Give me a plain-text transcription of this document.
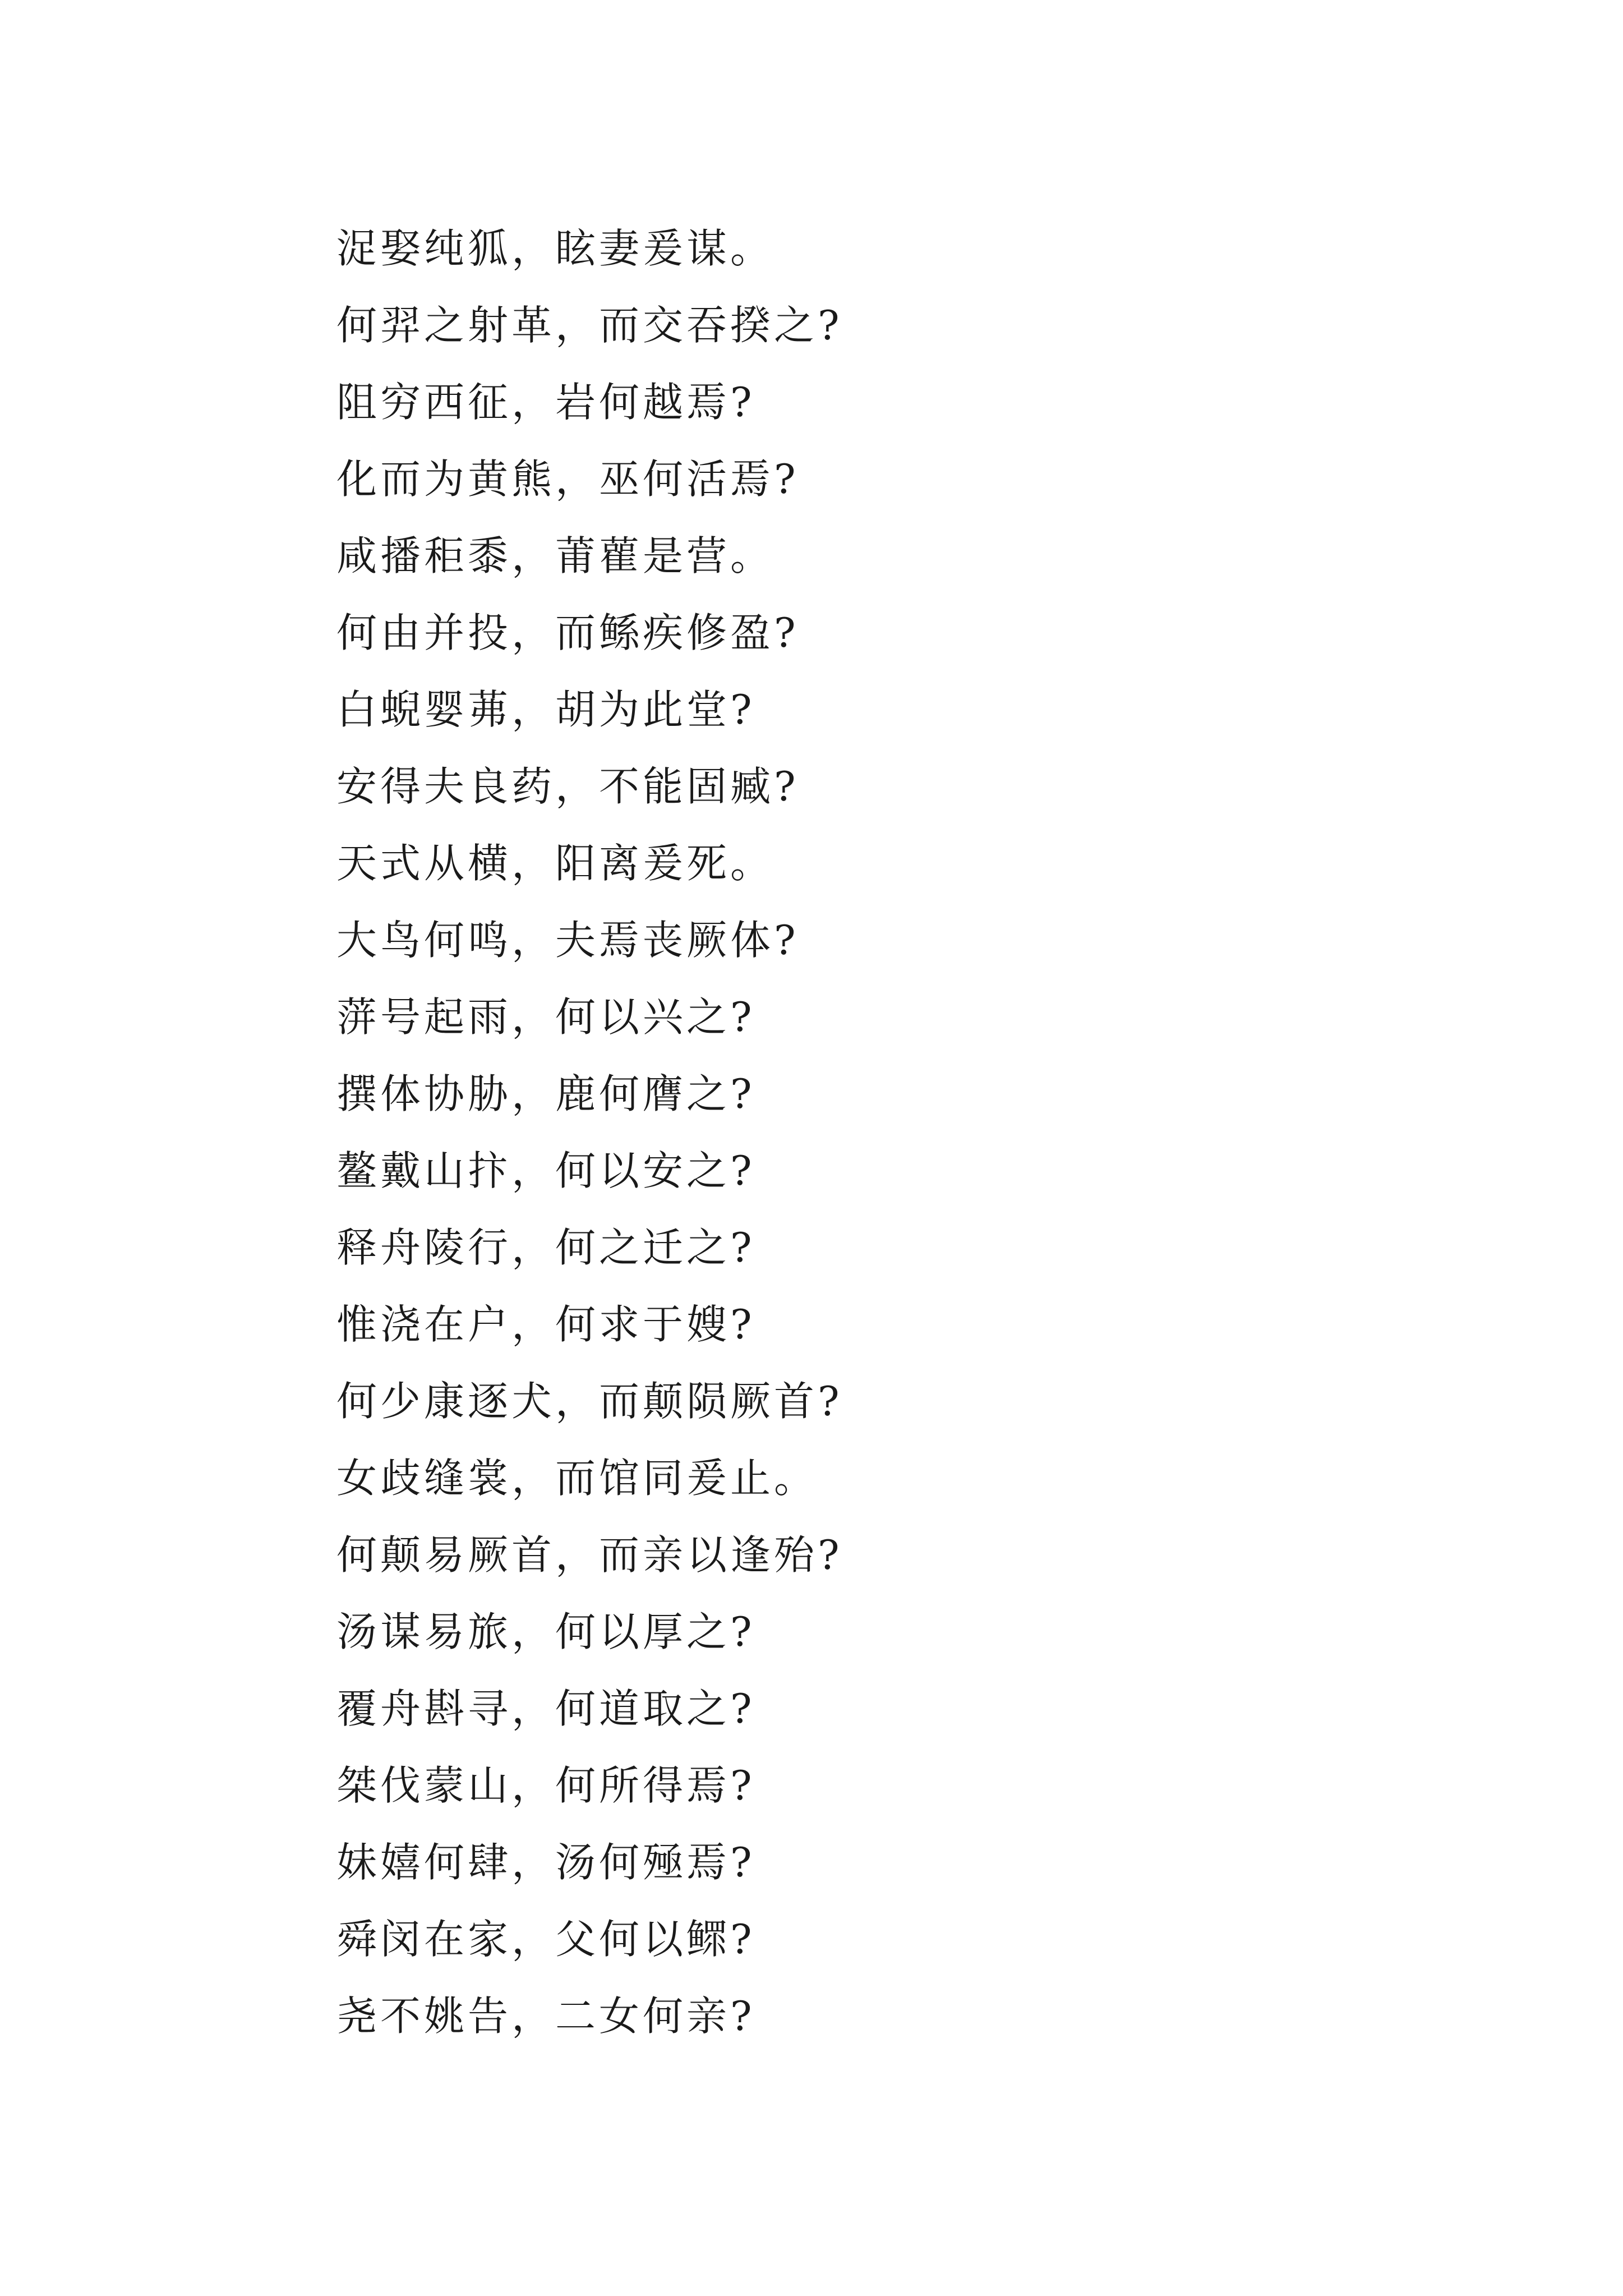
浞娶纯狐，眩妻爰谋。
何羿之射革，而交吞揆之?
阻穷西征，岩何越焉?
化而为黄熊，巫何活焉?
咸播秬黍，莆雚是营。
何由并投，而鲧疾修盈?
白蜺婴茀，胡为此堂?
安得夫良药，不能固臧?
天式从横，阳离爰死。
大鸟何鸣，夫焉丧厥体?
蓱号起雨，何以兴之?
撰体协胁，鹿何膺之?
鳌戴山抃，何以安之?
释舟陵行，何之迁之?
惟浇在户，何求于嫂?
何少康逐犬，而颠陨厥首?
女歧缝裳，而馆同爰止。
何颠易厥首，而亲以逢殆?
汤谋易旅，何以厚之?
覆舟斟寻，何道取之?
桀伐蒙山，何所得焉?
妹嬉何肆，汤何殛焉?
舜闵在家，父何以鳏?
尧不姚告，二女何亲?
